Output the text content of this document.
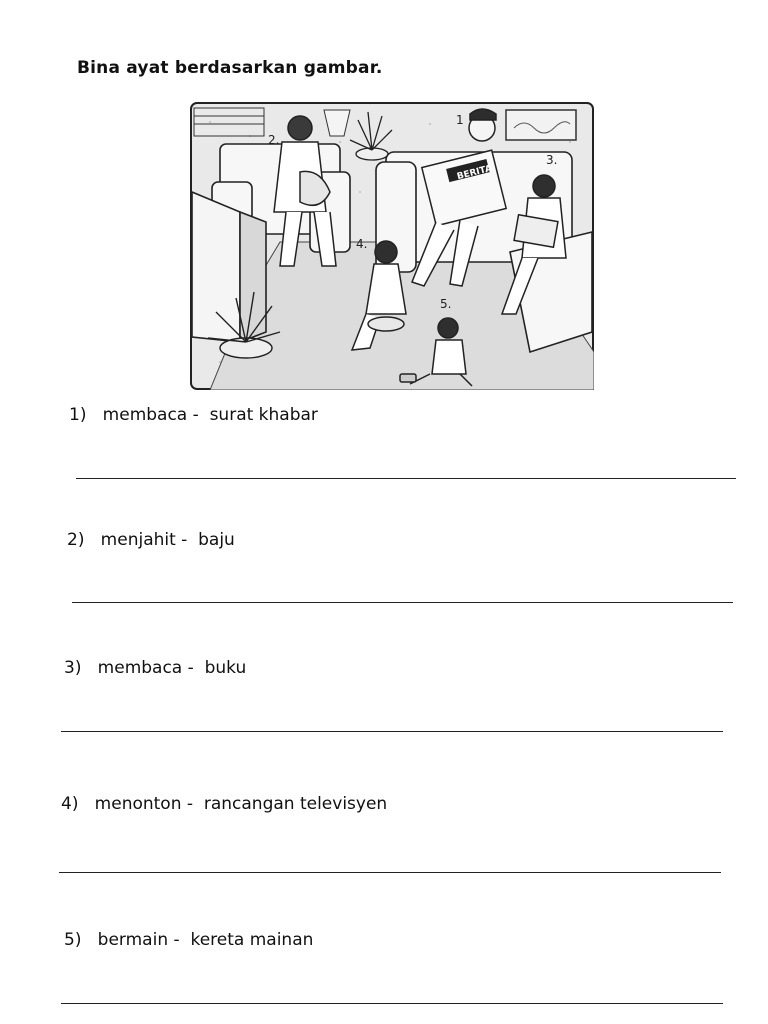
Bina ayat berdasarkan gambar.
BERITA
1
2.
3.
4.
5.
1) membaca - surat khabar
2) menjahit - baju
3) membaca - buku
4) menonton - rancangan televisyen
5) bermain - kereta mainan
